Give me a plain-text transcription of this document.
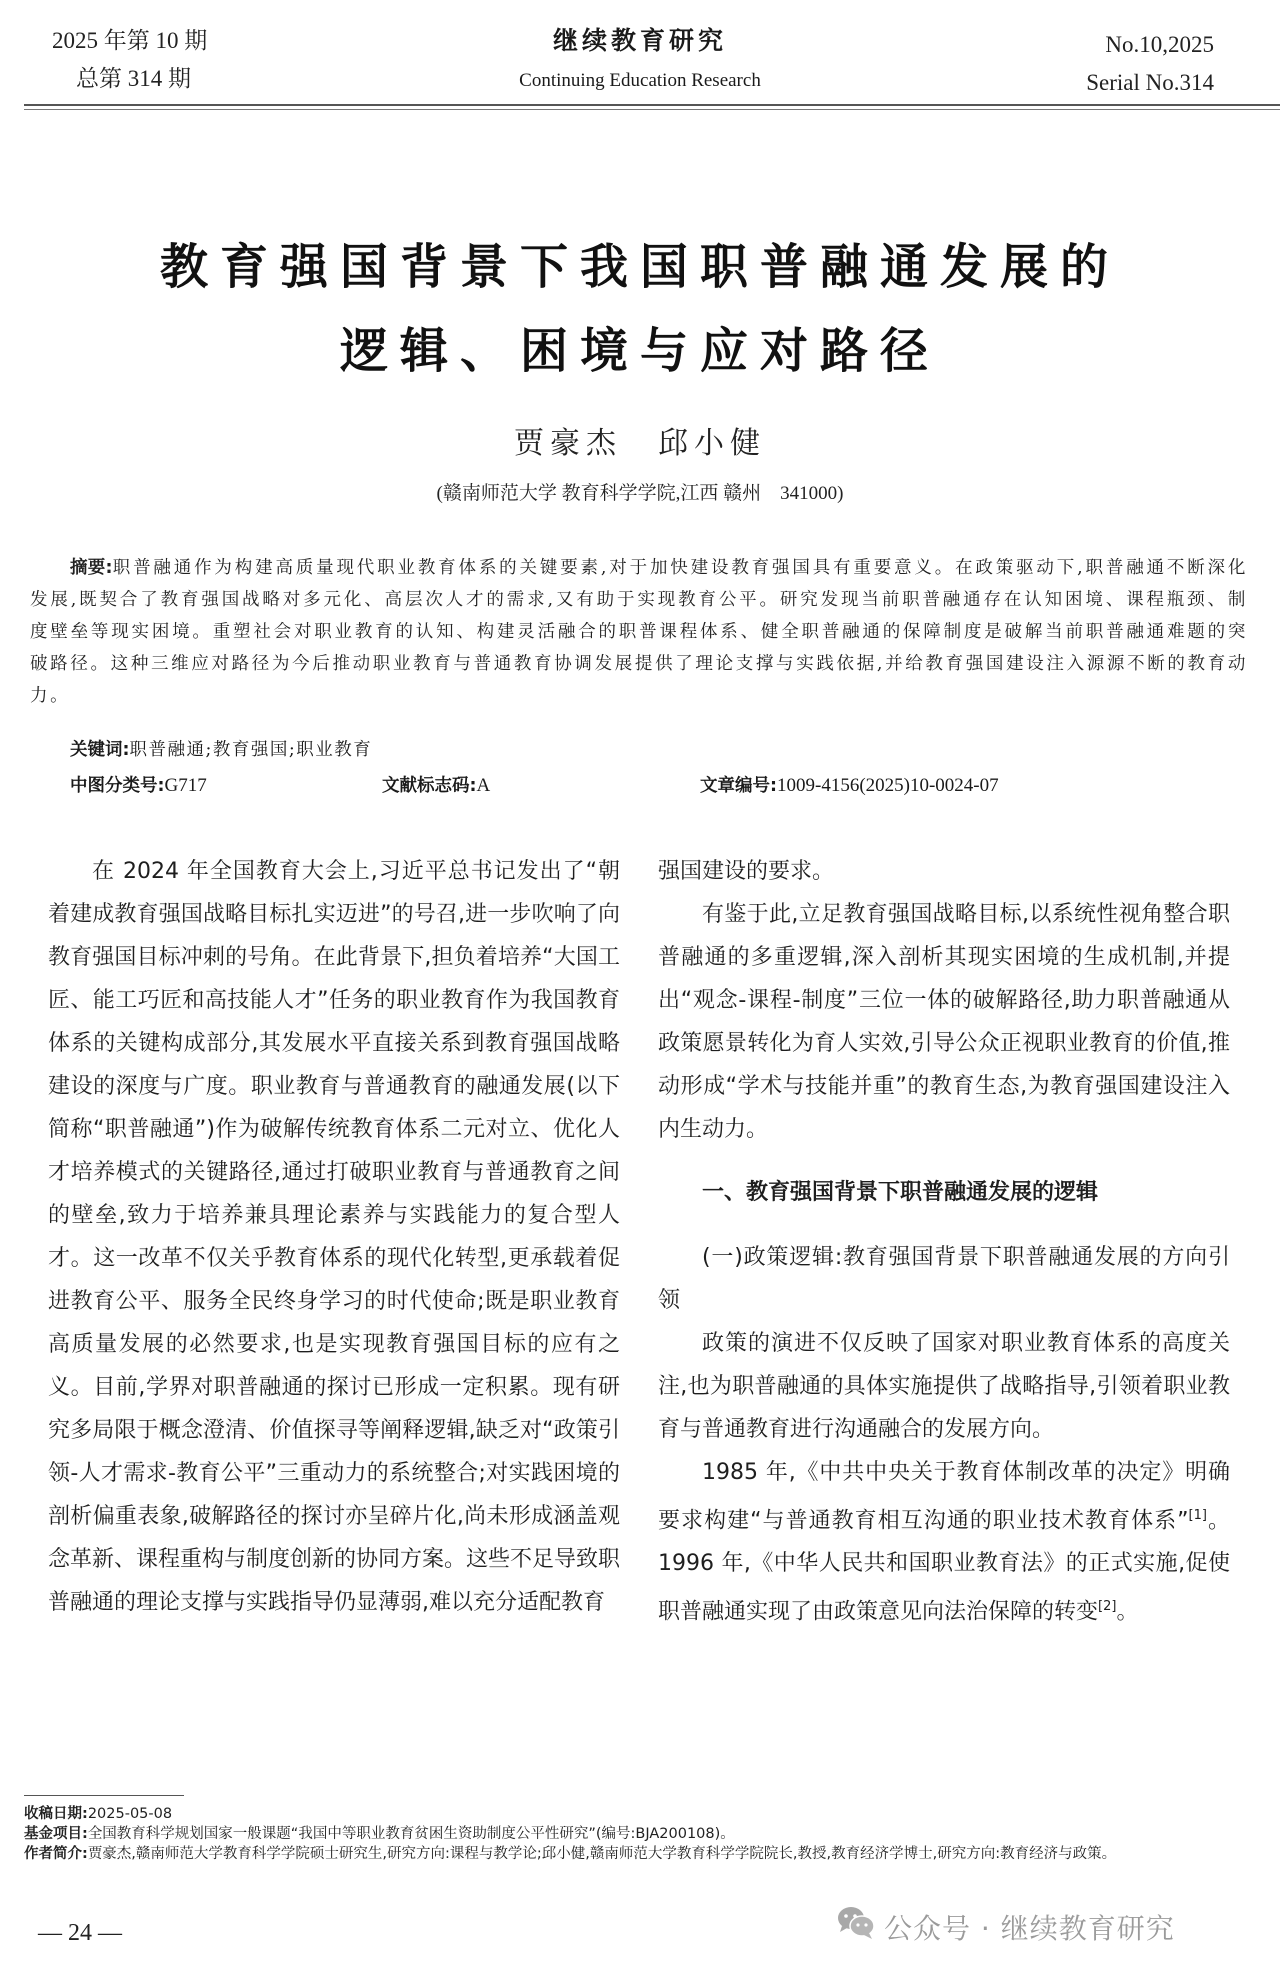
2025 年第 10 期
总第 314 期
继续教育研究
Continuing Education Research
No.10,2025
Serial No.314
教育强国背景下我国职普融通发展的
逻辑、困境与应对路径
贾豪杰　邱小健
(赣南师范大学 教育科学学院,江西 赣州　341000)
摘要:职普融通作为构建高质量现代职业教育体系的关键要素,对于加快建设教育强国具有重要意义。在政策驱动下,职普融通不断深化发展,既契合了教育强国战略对多元化、高层次人才的需求,又有助于实现教育公平。研究发现当前职普融通存在认知困境、课程瓶颈、制度壁垒等现实困境。重塑社会对职业教育的认知、构建灵活融合的职普课程体系、健全职普融通的保障制度是破解当前职普融通难题的突破路径。这种三维应对路径为今后推动职业教育与普通教育协调发展提供了理论支撑与实践依据,并给教育强国建设注入源源不断的教育动力。
关键词:职普融通;教育强国;职业教育
中图分类号:G717	文献标志码:A	文章编号:1009-4156(2025)10-0024-07

在 2024 年全国教育大会上,习近平总书记发出了“朝着建成教育强国战略目标扎实迈进”的号召,进一步吹响了向教育强国目标冲刺的号角。在此背景下,担负着培养“大国工匠、能工巧匠和高技能人才”任务的职业教育作为我国教育体系的关键构成部分,其发展水平直接关系到教育强国战略建设的深度与广度。职业教育与普通教育的融通发展(以下简称“职普融通”)作为破解传统教育体系二元对立、优化人才培养模式的关键路径,通过打破职业教育与普通教育之间的壁垒,致力于培养兼具理论素养与实践能力的复合型人才。这一改革不仅关乎教育体系的现代化转型,更承载着促进教育公平、服务全民终身学习的时代使命;既是职业教育高质量发展的必然要求,也是实现教育强国目标的应有之义。目前,学界对职普融通的探讨已形成一定积累。现有研究多局限于概念澄清、价值探寻等阐释逻辑,缺乏对“政策引领-人才需求-教育公平”三重动力的系统整合;对实践困境的剖析偏重表象,破解路径的探讨亦呈碎片化,尚未形成涵盖观念革新、课程重构与制度创新的协同方案。这些不足导致职普融通的理论支撑与实践指导仍显薄弱,难以充分适配教育

强国建设的要求。

有鉴于此,立足教育强国战略目标,以系统性视角整合职普融通的多重逻辑,深入剖析其现实困境的生成机制,并提出“观念-课程-制度”三位一体的破解路径,助力职普融通从政策愿景转化为育人实效,引导公众正视职业教育的价值,推动形成“学术与技能并重”的教育生态,为教育强国建设注入内生动力。

一、教育强国背景下职普融通发展的逻辑

(一)政策逻辑:教育强国背景下职普融通发展的方向引领

政策的演进不仅反映了国家对职业教育体系的高度关注,也为职普融通的具体实施提供了战略指导,引领着职业教育与普通教育进行沟通融合的发展方向。

1985 年,《中共中央关于教育体制改革的决定》明确要求构建“与普通教育相互沟通的职业技术教育体系”[1]。1996 年,《中华人民共和国职业教育法》的正式实施,促使职普融通实现了由政策意见向法治保障的转变[2]。

收稿日期: 2025-05-08
基金项目: 全国教育科学规划国家一般课题“我国中等职业教育贫困生资助制度公平性研究”(编号:BJA200108)。
作者简介: 贾豪杰,赣南师范大学教育科学学院硕士研究生,研究方向:课程与教学论;邱小健,赣南师范大学教育科学学院院长,教授,教育经济学博士,研究方向:教育经济与政策。
— 24 —	公众号 · 继续教育研究
